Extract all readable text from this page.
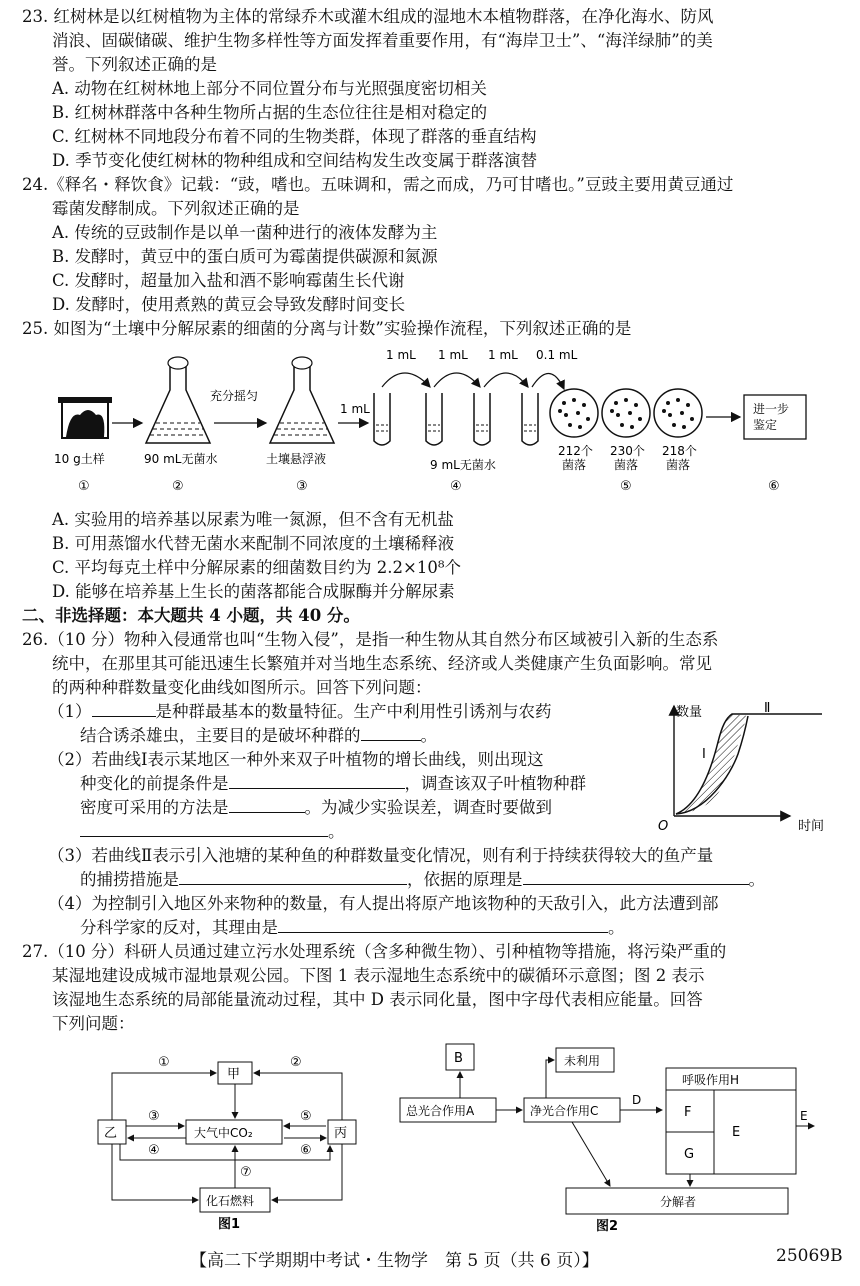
23. 红树林是以红树植物为主体的常绿乔木或灌木组成的湿地木本植物群落，在净化海水、防风
消浪、固碳储碳、维护生物多样性等方面发挥着重要作用，有“海岸卫士”、“海洋绿肺”的美
誉。下列叙述正确的是
A. 动物在红树林地上部分不同位置分布与光照强度密切相关
B. 红树林群落中各种生物所占据的生态位往往是相对稳定的
C. 红树林不同地段分布着不同的生物类群，体现了群落的垂直结构
D. 季节变化使红树林的物种组成和空间结构发生改变属于群落演替
24.《释名・释饮食》记载：“豉，嗜也。五味调和，需之而成，乃可甘嗜也。”豆豉主要用黄豆通过
霉菌发酵制成。下列叙述正确的是
A. 传统的豆豉制作是以单一菌种进行的液体发酵为主
B. 发酵时，黄豆中的蛋白质可为霉菌提供碳源和氮源
C. 发酵时，超量加入盐和酒不影响霉菌生长代谢
D. 发酵时，使用煮熟的黄豆会导致发酵时间变长
25. 如图为“土壤中分解尿素的细菌的分离与计数”实验操作流程，下列叙述正确的是
10 g土样
①
90 mL无菌水
②
充分摇匀
土壤悬浮液
③
1 mL
1 mL 1 mL 1 mL 0.1 mL
9 mL无菌水
④
212个
菌落
230个
菌落
218个
菌落
⑤
进一步
鉴定
⑥
A. 实验用的培养基以尿素为唯一氮源，但不含有无机盐
B. 可用蒸馏水代替无菌水来配制不同浓度的土壤稀释液
C. 平均每克土样中分解尿素的细菌数目约为 2.2×10⁸个
D. 能够在培养基上生长的菌落都能合成脲酶并分解尿素
二、非选择题：本大题共 4 小题，共 40 分。
26.（10 分）物种入侵通常也叫“生物入侵”，是指一种生物从其自然分布区域被引入新的生态系
统中，在那里其可能迅速生长繁殖并对当地生态系统、经济或人类健康产生负面影响。常见
的两种种群数量变化曲线如图所示。回答下列问题：
（1）	是种群最基本的数量特征。生产中利用性引诱剂与农药
结合诱杀雄虫，主要目的是破坏种群的	。
（2）若曲线Ⅰ表示某地区一种外来双子叶植物的增长曲线，则出现这
种变化的前提条件是	，调查该双子叶植物种群
密度可采用的方法是	。为减少实验误差，调查时要做到
。
数量
O	时间
Ⅰ
Ⅱ
（3）若曲线Ⅱ表示引入池塘的某种鱼的种群数量变化情况，则有利于持续获得较大的鱼产量
的捕捞措施是	，依据的原理是	。
（4）为控制引入地区外来物种的数量，有人提出将原产地该物种的天敌引入，此方法遭到部
分科学家的反对，其理由是	。
27.（10 分）科研人员通过建立污水处理系统（含多种微生物）、引种植物等措施，将污染严重的
某湿地建设成城市湿地景观公园。下图 1 表示湿地生态系统中的碳循环示意图；图 2 表示
该湿地生态系统的局部能量流动过程，其中 D 表示同化量，图中字母代表相应能量。回答
下列问题：
甲
乙	丙
大气中CO₂
化石燃料
①	②
③
④
⑤
⑥
⑦
图1
B
总光合作用A	净光合作用C
未利用
D
呼吸作用H
F
G
E
E
分解者
图2
【高二下学期期中考试・生物学　第 5 页（共 6 页）】	25069B
